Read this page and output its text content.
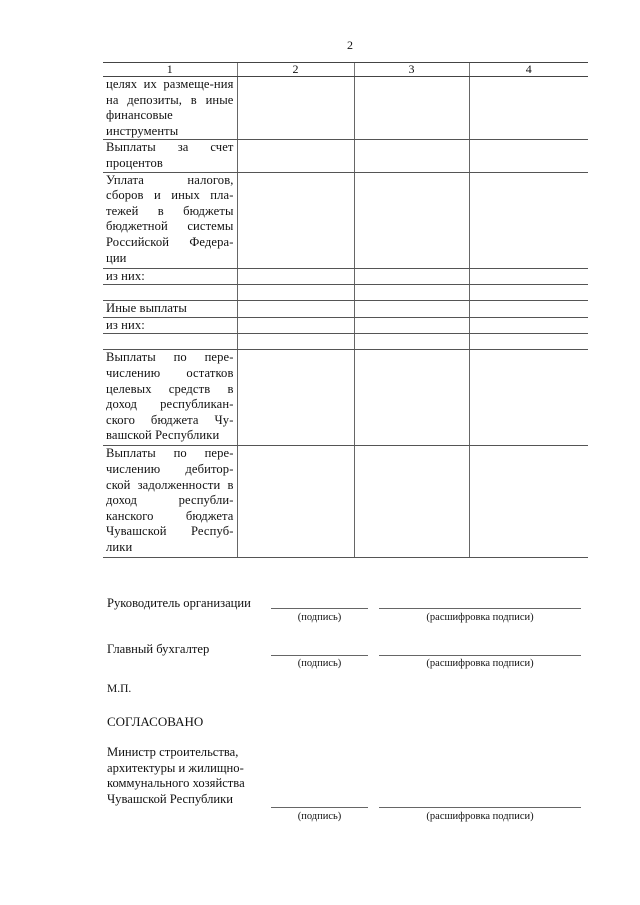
2
1	2	3	4
целях их размеще-ния на депозиты, в иные финансовые инструменты			
Выплаты за счет процентов			
Уплата налогов, сборов и иных пла-тежей в бюджеты бюджетной системы Российской Федера-ции			
из них:			

Иные выплаты			
из них:			

Выплаты по пере-числению остатков целевых средств в доход республикан-ского бюджета Чу-вашской Республики			
Выплаты по пере-числению дебитор-ской задолженности в доход республи-канского бюджета Чувашской Респуб-лики			
Руководитель организации
(подпись)	(расшифровка подписи)
Главный бухгалтер
(подпись)	(расшифровка подписи)
М.П.
СОГЛАСОВАНО
Министр строительства,
архитектуры и жилищно-
коммунального хозяйства
Чувашской Республики
(подпись)	(расшифровка подписи)
